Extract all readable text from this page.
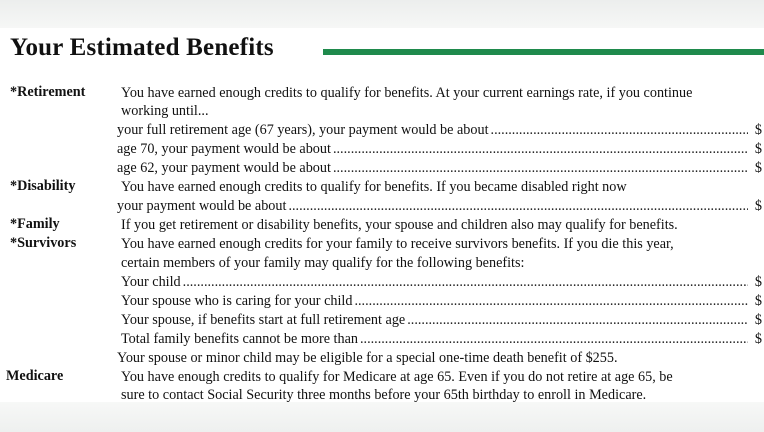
Your Estimated Benefits
*Retirement	You have earned enough credits to qualify for benefits. At your current earnings rate, if you continue
working until...
your full retirement age (67 years), your payment would be about .....	$
age 70, your payment would be about .....	$
age 62, your payment would be about .....	$
*Disability	You have earned enough credits to qualify for benefits. If you became disabled right now
your payment would be about .....	$
*Family	If you get retirement or disability benefits, your spouse and children also may qualify for benefits.
*Survivors	You have earned enough credits for your family to receive survivors benefits. If you die this year,
certain members of your family may qualify for the following benefits:
Your child .....	$
Your spouse who is caring for your child .....	$
Your spouse, if benefits start at full retirement age .....	$
Total family benefits cannot be more than .....	$
Your spouse or minor child may be eligible for a special one-time death benefit of $255.
Medicare	You have enough credits to qualify for Medicare at age 65. Even if you do not retire at age 65, be
sure to contact Social Security three months before your 65th birthday to enroll in Medicare.
